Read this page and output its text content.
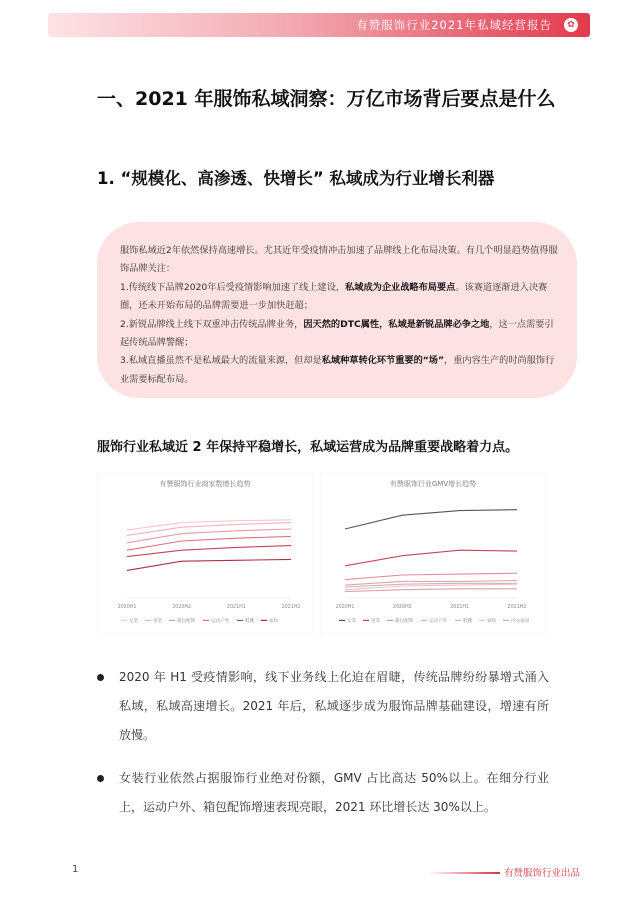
有赞服饰行业2021年私域经营报告	✿
一、2021 年服饰私域洞察：万亿市场背后要点是什么
1. “规模化、高渗透、快增长” 私域成为行业增长利器

服饰私域近2年依然保持高速增长。尤其近年受疫情冲击加速了品牌线上化布局决策。有几个明显趋势值得服饰品牌关注：

1.传统线下品牌2020年后受疫情影响加速了线上建设，私域成为企业战略布局要点。该赛道逐渐进入决赛圈，还未开始布局的品牌需要进一步加快赶超；

2.新锐品牌线上线下双重冲击传统品牌业务，因天然的DTC属性，私域是新锐品牌必争之地，这一点需要引起传统品牌警醒；

3.私域直播虽然不是私域最大的流量来源，但却是私域种草转化环节重要的“场”，重内容生产的时尚服饰行业需要标配布局。

服饰行业私域近 2 年保持平稳增长，私域运营成为品牌重要战略着力点。
有赞服饰行业商家数增长趋势
2020H1	2020H2	2021H1	2021H2
女装	男装	箱包配饰	运动户外	鞋靴	家纺
有赞服饰行业GMV增长趋势
2020H1	2020H2	2021H1	2021H2
女装	男装	箱包配饰	运动户外	鞋靴	家纺	内衣家居
2020 年 H1 受疫情影响，线下业务线上化迫在眉睫，传统品牌纷纷暴增式涌入私域，私域高速增长。2021 年后，私域逐步成为服饰品牌基础建设，增速有所放慢。
女装行业依然占据服饰行业绝对份额，GMV 占比高达 50%以上。在细分行业上，运动户外、箱包配饰增速表现亮眼，2021 环比增长达 30%以上。
1	有赞服饰行业出品
